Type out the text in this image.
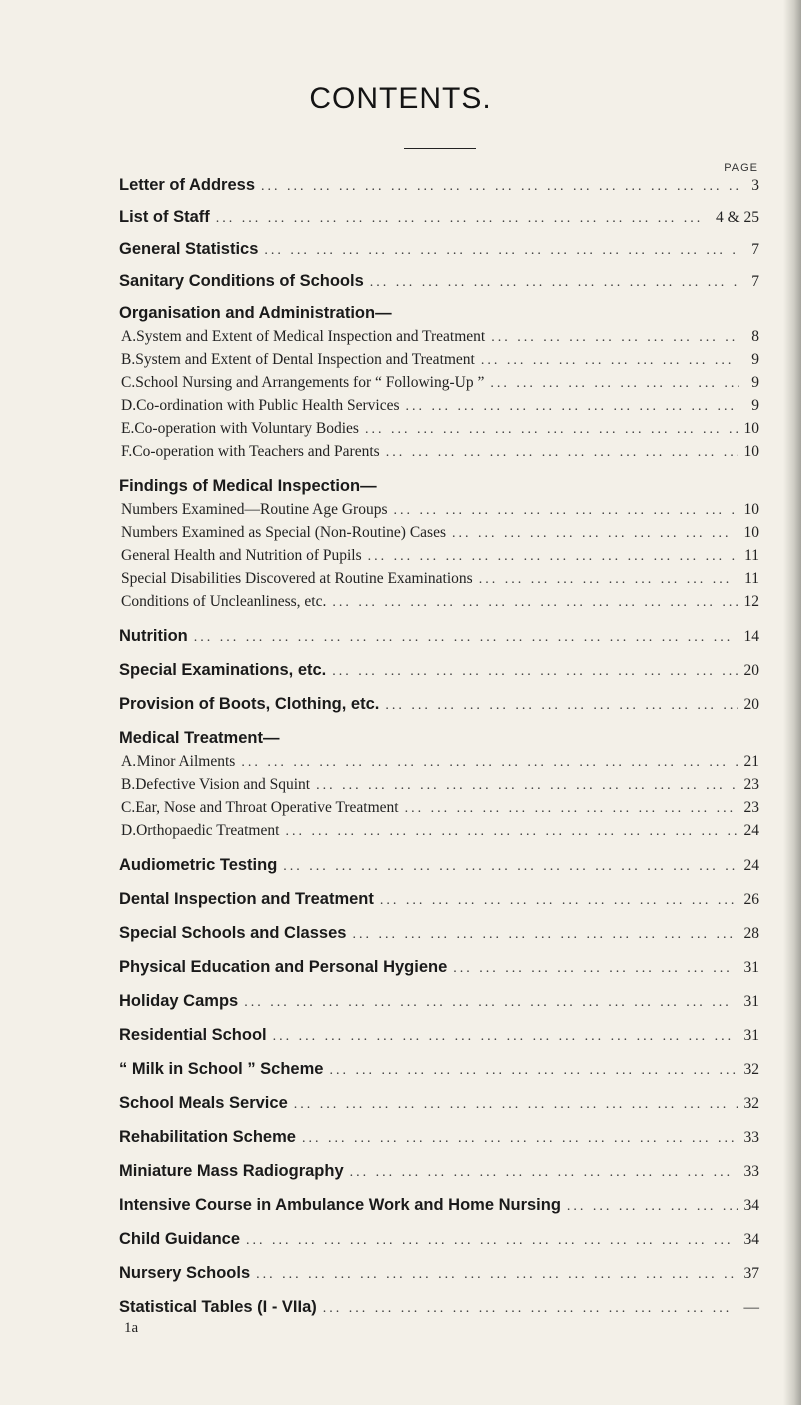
CONTENTS.
PAGE
Letter of Address ... .	3
List of Staff ... .	4 & 25
General Statistics ... .	7
Sanitary Conditions of Schools ... .	7
Organisation and Administration—
A. System and Extent of Medical Inspection and Treatment ... .	8
B. System and Extent of Dental Inspection and Treatment ... .	9
C. School Nursing and Arrangements for “ Following-Up ” ... .	9
D. Co-ordination with Public Health Services ... .	9
E. Co-operation with Voluntary Bodies ... .	10
F. Co-operation with Teachers and Parents ... .	10
Findings of Medical Inspection—
Numbers Examined—Routine Age Groups ... .	10
Numbers Examined as Special (Non-Routine) Cases ... .	10
General Health and Nutrition of Pupils ... .	11
Special Disabilities Discovered at Routine Examinations ... .	11
Conditions of Uncleanliness, etc. ... .	12
Nutrition ... .	14
Special Examinations, etc. ... .	20
Provision of Boots, Clothing, etc. ... .	20
Medical Treatment—
A. Minor Ailments ... .	21
B. Defective Vision and Squint ... .	23
C. Ear, Nose and Throat Operative Treatment ... .	23
D. Orthopaedic Treatment ... .	24
Audiometric Testing ... .	24
Dental Inspection and Treatment ... .	26
Special Schools and Classes ... .	28
Physical Education and Personal Hygiene ... .	31
Holiday Camps ... .	31
Residential School ... .	31
“ Milk in School ” Scheme ... .	32
School Meals Service ... .	32
Rehabilitation Scheme ... .	33
Miniature Mass Radiography ... .	33
Intensive Course in Ambulance Work and Home Nursing ... .	34
Child Guidance ... .	34
Nursery Schools ... .	37
Statistical Tables (I - VIIa) ... .	—
1a
